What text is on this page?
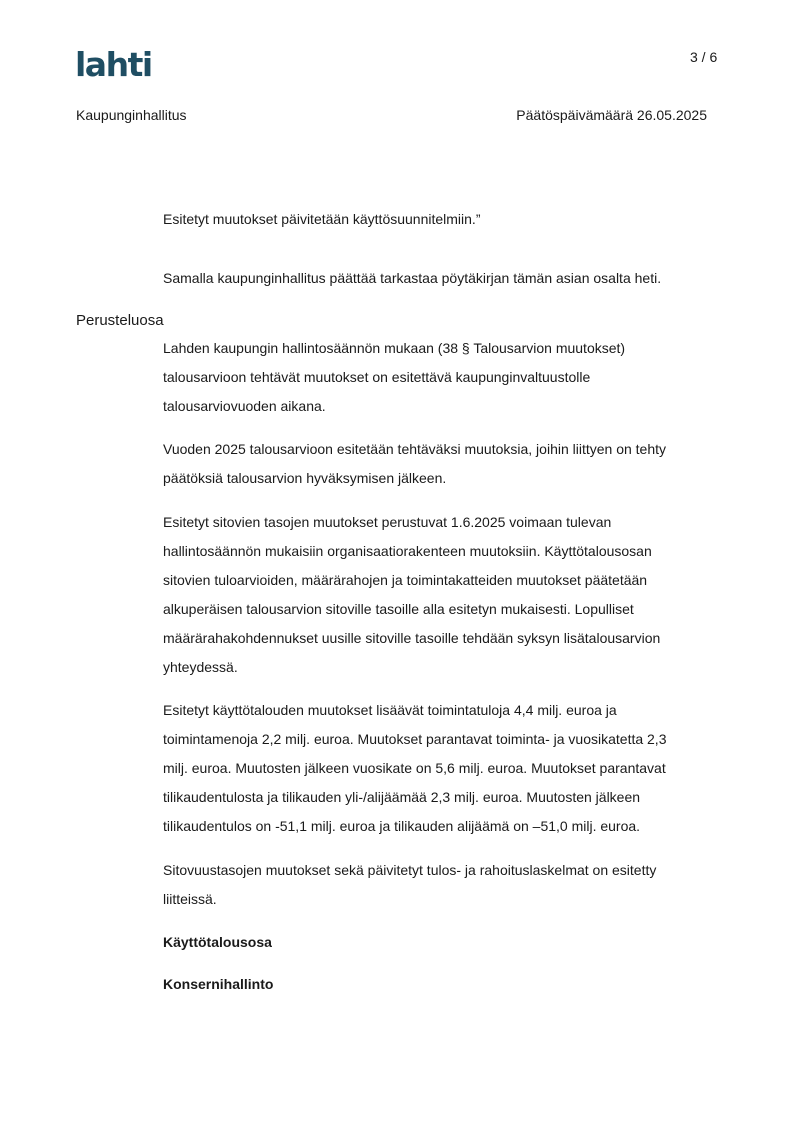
lahti	3 / 6
Kaupunginhallitus	Päätöspäivämäärä 26.05.2025

Esitetyt muutokset päivitetään käyttösuunnitelmiin.”

Samalla kaupunginhallitus päättää tarkastaa pöytäkirjan tämän asian osalta heti.

Perusteluosa

Lahden kaupungin hallintosäännön mukaan (38 § Talousarvion muutokset)
talousarvioon tehtävät muutokset on esitettävä kaupunginvaltuustolle
talousarviovuoden aikana.

Vuoden 2025 talousarvioon esitetään tehtäväksi muutoksia, joihin liittyen on tehty
päätöksiä talousarvion hyväksymisen jälkeen.

Esitetyt sitovien tasojen muutokset perustuvat 1.6.2025 voimaan tulevan
hallintosäännön mukaisiin organisaatiorakenteen muutoksiin. Käyttötalousosan
sitovien tuloarvioiden, määrärahojen ja toimintakatteiden muutokset päätetään
alkuperäisen talousarvion sitoville tasoille alla esitetyn mukaisesti. Lopulliset
määrärahakohdennukset uusille sitoville tasoille tehdään syksyn lisätalousarvion
yhteydessä.

Esitetyt käyttötalouden muutokset lisäävät toimintatuloja 4,4 milj. euroa ja
toimintamenoja 2,2 milj. euroa. Muutokset parantavat toiminta- ja vuosikatetta 2,3
milj. euroa. Muutosten jälkeen vuosikate on 5,6 milj. euroa. Muutokset parantavat
tilikaudentulosta ja tilikauden yli-/alijäämää 2,3 milj. euroa. Muutosten jälkeen
tilikaudentulos on -51,1 milj. euroa ja tilikauden alijäämä on –51,0 milj. euroa.

Sitovuustasojen muutokset sekä päivitetyt tulos- ja rahoituslaskelmat on esitetty
liitteissä.

Käyttötalousosa

Konsernihallinto
